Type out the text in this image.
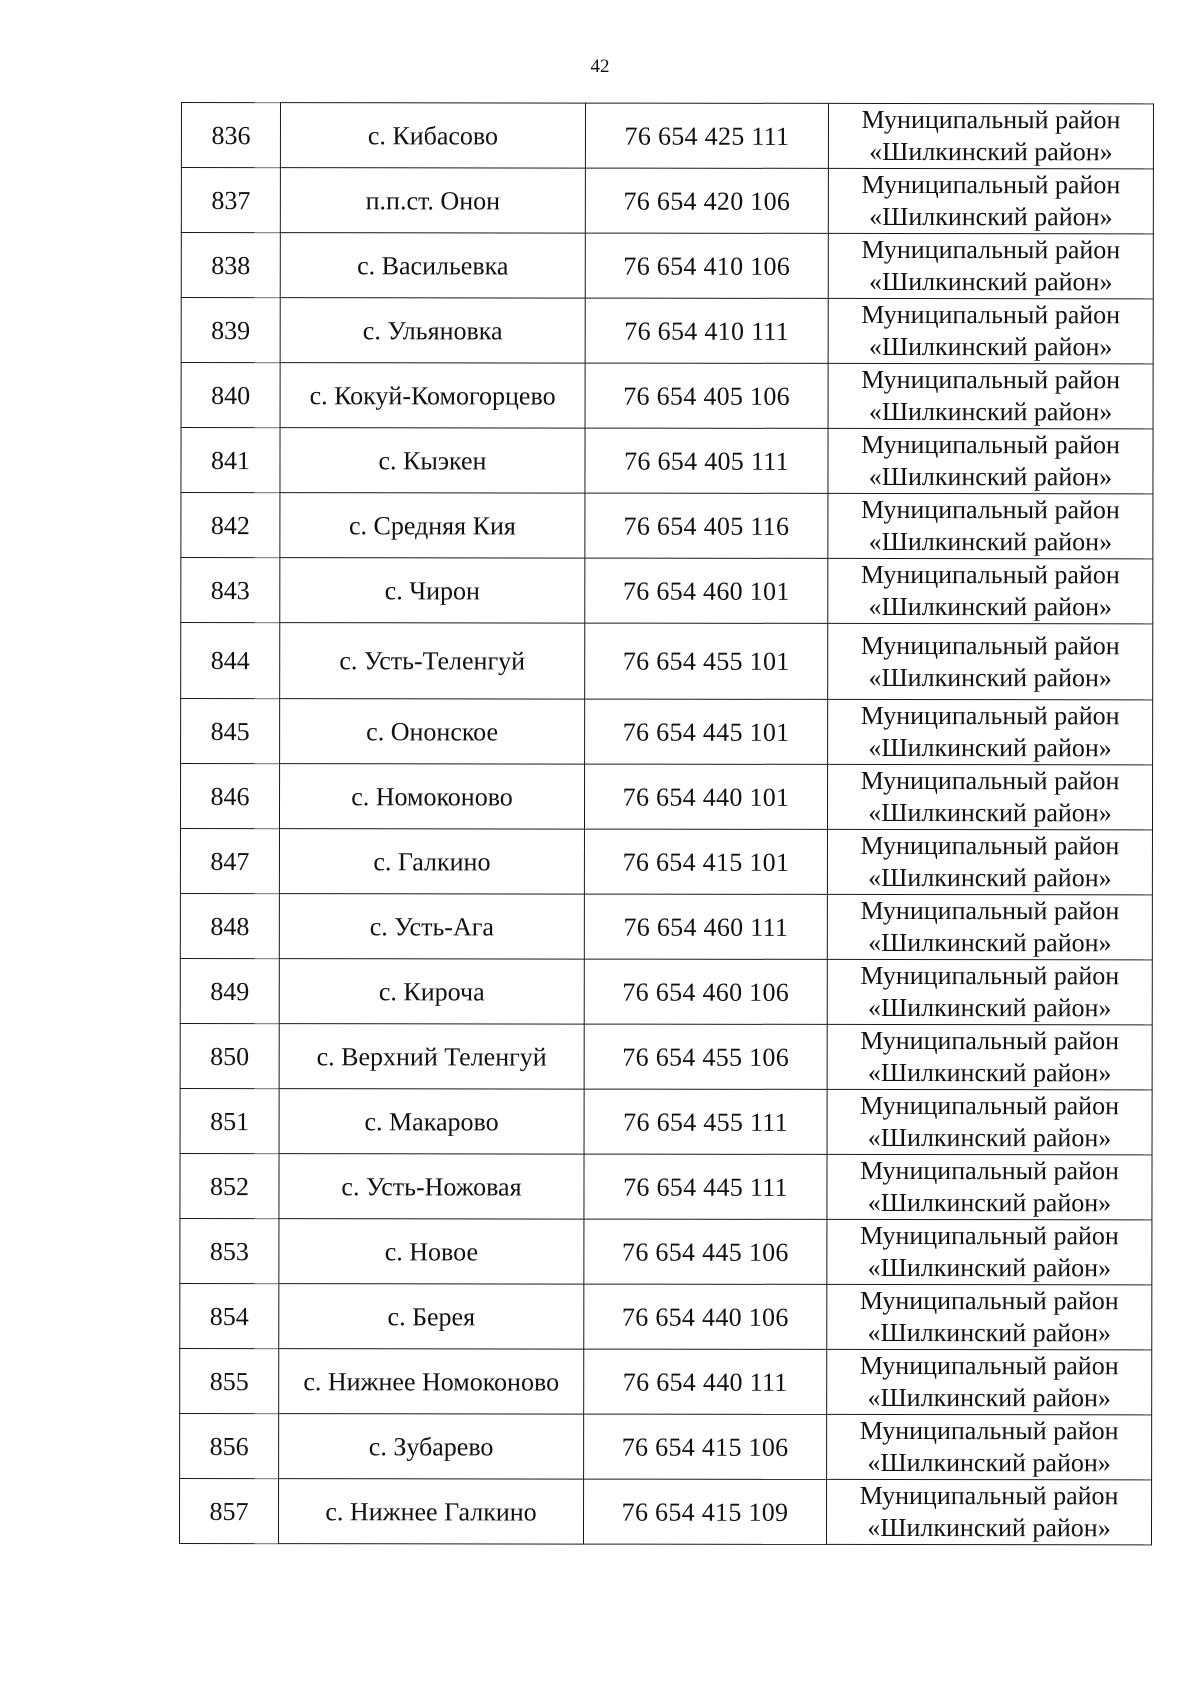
42
836	с. Кибасово	76 654 425 111	Муниципальный район
«Шилкинский район»

837	п.п.ст. Онон	76 654 420 106	Муниципальный район
«Шилкинский район»

838	с. Васильевка	76 654 410 106	Муниципальный район
«Шилкинский район»

839	с. Ульяновка	76 654 410 111	Муниципальный район
«Шилкинский район»

840	с. Кокуй-Комогорцево	76 654 405 106	Муниципальный район
«Шилкинский район»

841	с. Кыэкен	76 654 405 111	Муниципальный район
«Шилкинский район»

842	с. Средняя Кия	76 654 405 116	Муниципальный район
«Шилкинский район»

843	с. Чирон	76 654 460 101	Муниципальный район
«Шилкинский район»

844	с. Усть-Теленгуй	76 654 455 101	Муниципальный район
«Шилкинский район»

845	с. Ононское	76 654 445 101	Муниципальный район
«Шилкинский район»

846	с. Номоконово	76 654 440 101	Муниципальный район
«Шилкинский район»

847	с. Галкино	76 654 415 101	Муниципальный район
«Шилкинский район»

848	с. Усть-Ага	76 654 460 111	Муниципальный район
«Шилкинский район»

849	с. Кироча	76 654 460 106	Муниципальный район
«Шилкинский район»

850	с. Верхний Теленгуй	76 654 455 106	Муниципальный район
«Шилкинский район»

851	с. Макарово	76 654 455 111	Муниципальный район
«Шилкинский район»

852	с. Усть-Ножовая	76 654 445 111	Муниципальный район
«Шилкинский район»

853	с. Новое	76 654 445 106	Муниципальный район
«Шилкинский район»

854	с. Берея	76 654 440 106	Муниципальный район
«Шилкинский район»

855	с. Нижнее Номоконово	76 654 440 111	Муниципальный район
«Шилкинский район»

856	с. Зубарево	76 654 415 106	Муниципальный район
«Шилкинский район»

857	с. Нижнее Галкино	76 654 415 109	Муниципальный район
«Шилкинский район»
